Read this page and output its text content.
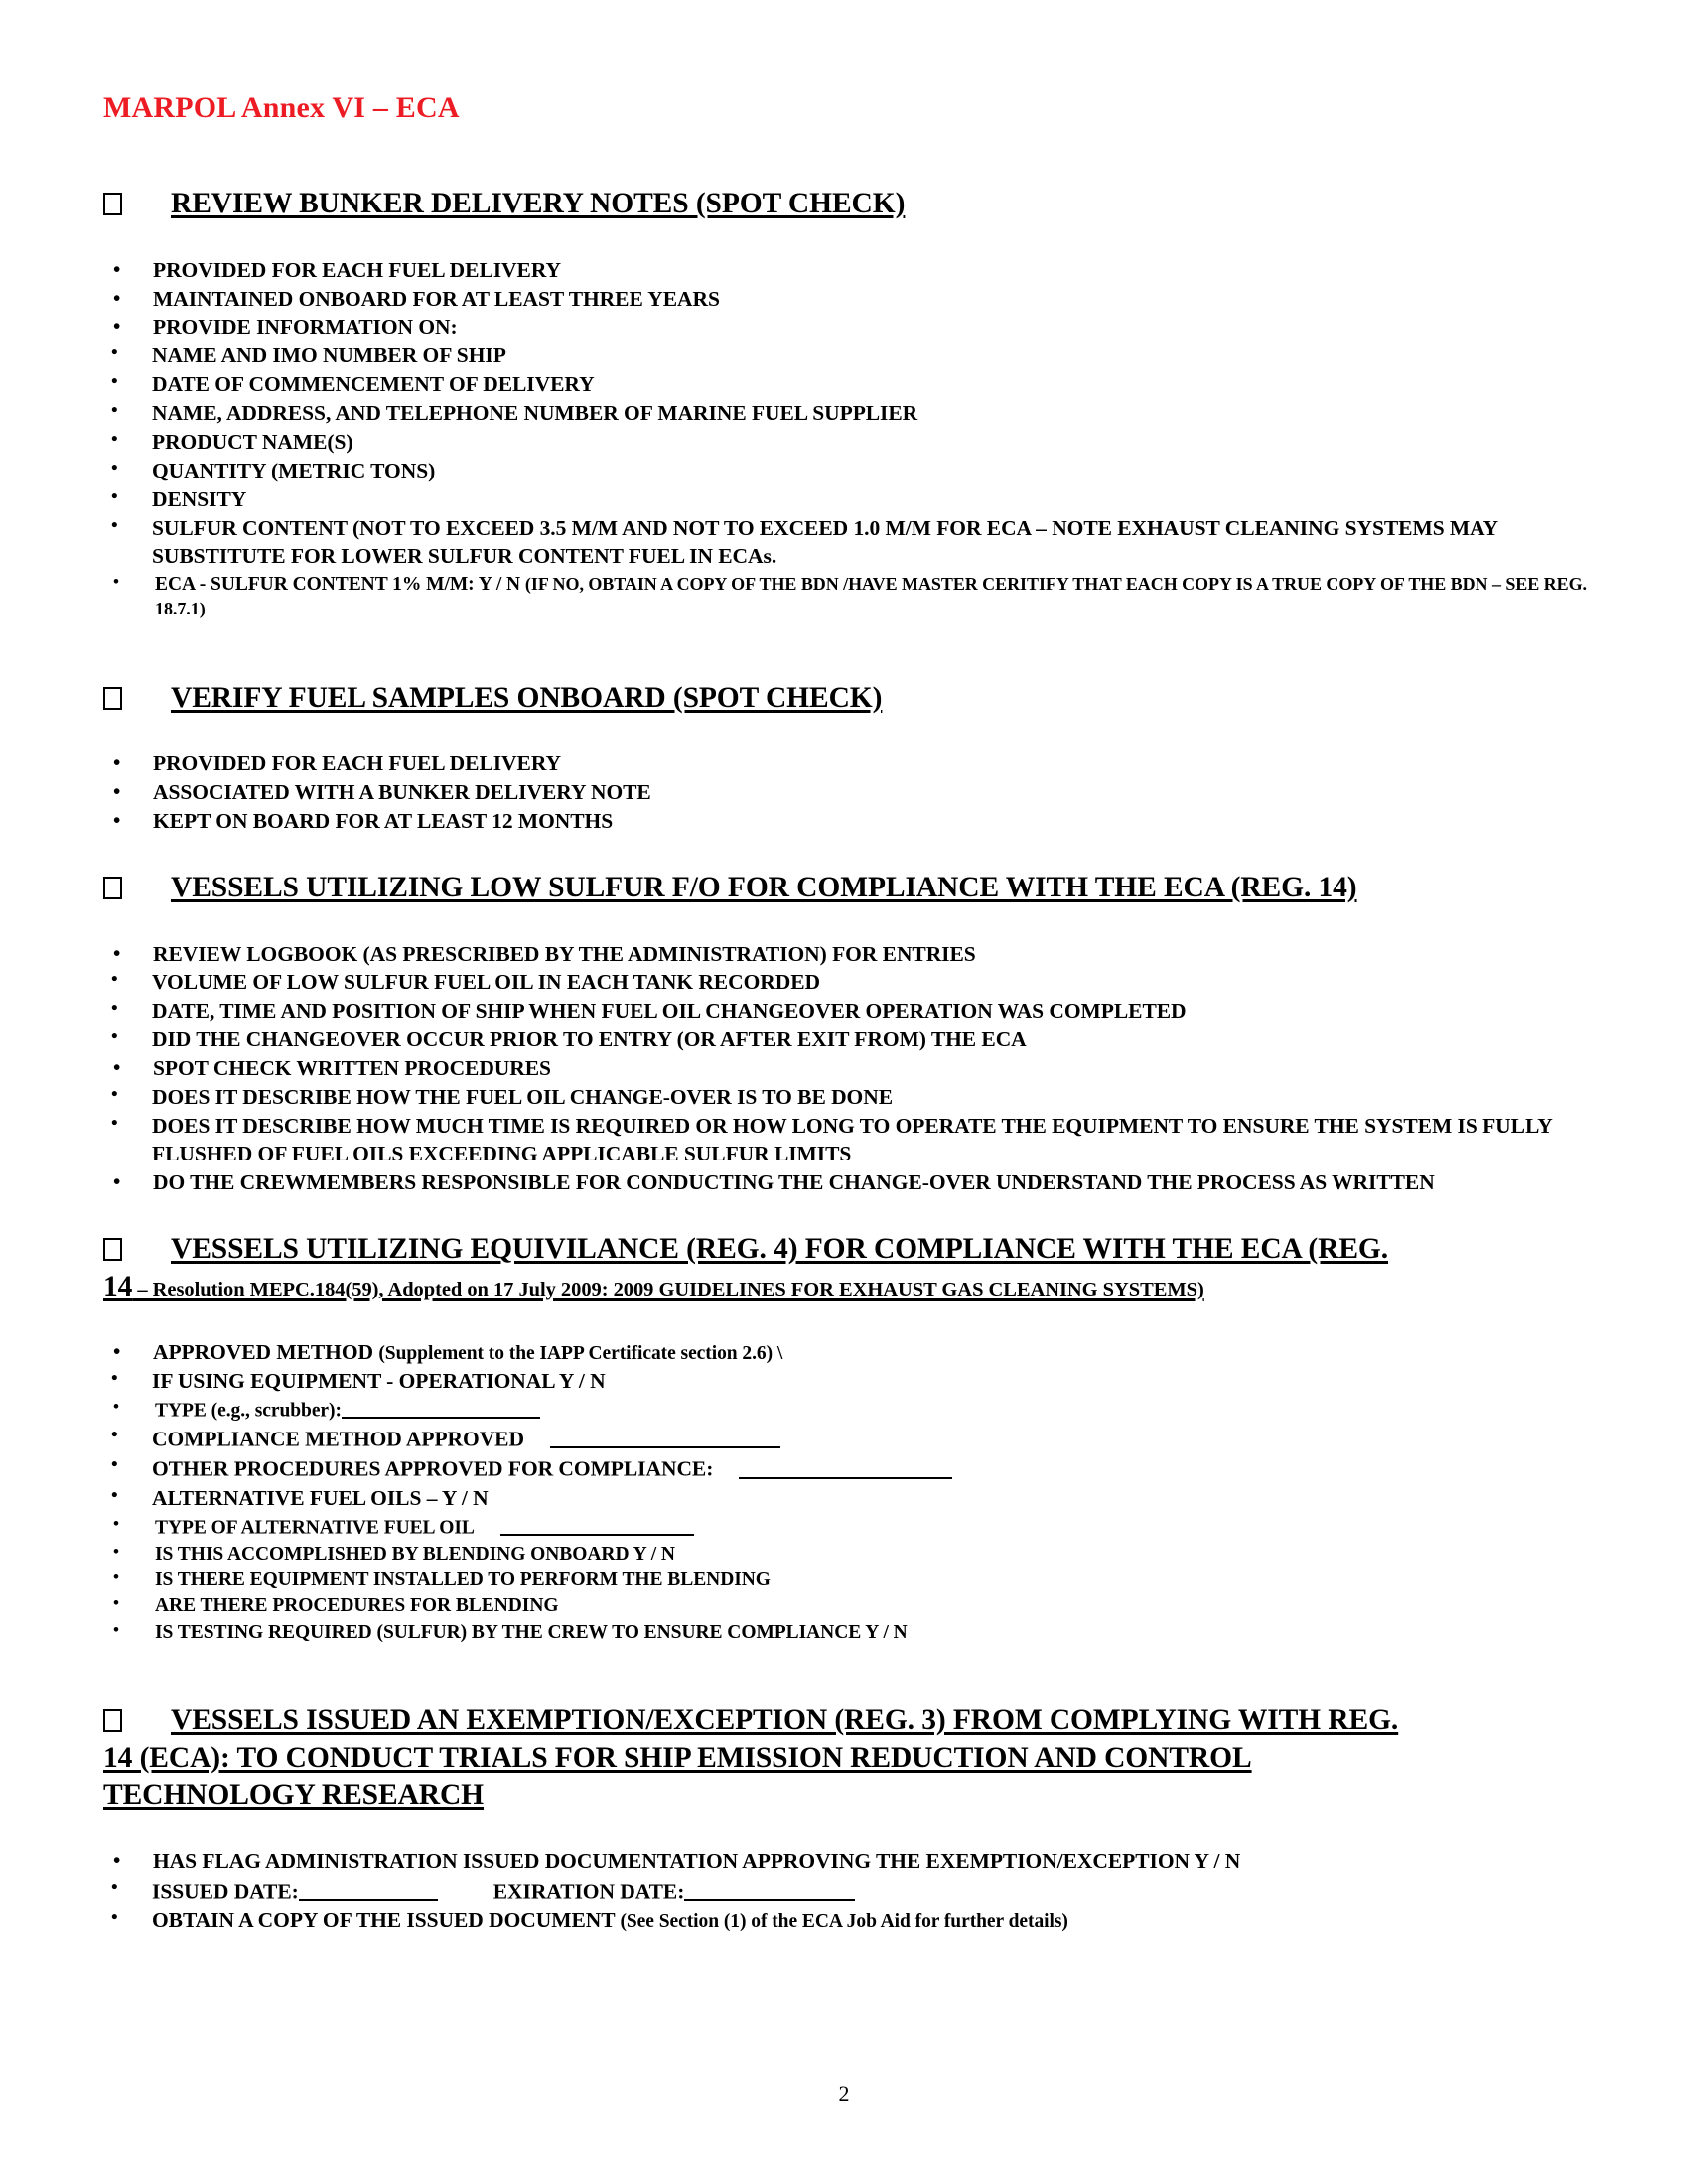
MARPOL Annex VI – ECA
REVIEW BUNKER DELIVERY NOTES (SPOT CHECK)
• PROVIDED FOR EACH FUEL DELIVERY
• MAINTAINED ONBOARD FOR AT LEAST THREE YEARS
• PROVIDE INFORMATION ON:
• NAME AND IMO NUMBER OF SHIP
• DATE OF COMMENCEMENT OF DELIVERY
• NAME, ADDRESS, AND TELEPHONE NUMBER OF MARINE FUEL SUPPLIER
• PRODUCT NAME(S)
• QUANTITY (METRIC TONS)
• DENSITY
• SULFUR CONTENT (NOT TO EXCEED 3.5 M/M AND NOT TO EXCEED 1.0 M/M FOR ECA – NOTE EXHAUST CLEANING SYSTEMS MAY SUBSTITUTE FOR LOWER SULFUR CONTENT FUEL IN ECAs.
• ECA - SULFUR CONTENT 1% M/M: Y / N (IF NO, OBTAIN A COPY OF THE BDN /HAVE MASTER CERITIFY THAT EACH COPY IS A TRUE COPY OF THE BDN – SEE REG. 18.7.1)
VERIFY FUEL SAMPLES ONBOARD (SPOT CHECK)
• PROVIDED FOR EACH FUEL DELIVERY
• ASSOCIATED WITH A BUNKER DELIVERY NOTE
• KEPT ON BOARD FOR AT LEAST 12 MONTHS
VESSELS UTILIZING LOW SULFUR F/O FOR COMPLIANCE WITH THE ECA (REG. 14)
• REVIEW LOGBOOK (AS PRESCRIBED BY THE ADMINISTRATION) FOR ENTRIES
• VOLUME OF LOW SULFUR FUEL OIL IN EACH TANK RECORDED
• DATE, TIME AND POSITION OF SHIP WHEN FUEL OIL CHANGEOVER OPERATION WAS COMPLETED
• DID THE CHANGEOVER OCCUR PRIOR TO ENTRY (OR AFTER EXIT FROM) THE ECA
• SPOT CHECK WRITTEN PROCEDURES
• DOES IT DESCRIBE HOW THE FUEL OIL CHANGE-OVER IS TO BE DONE
• DOES IT DESCRIBE HOW MUCH TIME IS REQUIRED OR HOW LONG TO OPERATE THE EQUIPMENT TO ENSURE THE SYSTEM IS FULLY FLUSHED OF FUEL OILS EXCEEDING APPLICABLE SULFUR LIMITS
• DO THE CREWMEMBERS RESPONSIBLE FOR CONDUCTING THE CHANGE-OVER UNDERSTAND THE PROCESS AS WRITTEN
VESSELS UTILIZING EQUIVILANCE (REG. 4) FOR COMPLIANCE WITH THE ECA (REG.
14 – Resolution MEPC.184(59), Adopted on 17 July 2009: 2009 GUIDELINES FOR EXHAUST GAS CLEANING SYSTEMS)
• APPROVED METHOD (Supplement to the IAPP Certificate section 2.6) \
• IF USING EQUIPMENT - OPERATIONAL Y / N
• TYPE (e.g., scrubber):
• COMPLIANCE METHOD APPROVED
• OTHER PROCEDURES APPROVED FOR COMPLIANCE:
• ALTERNATIVE FUEL OILS – Y / N
• TYPE OF ALTERNATIVE FUEL OIL
• IS THIS ACCOMPLISHED BY BLENDING ONBOARD Y / N
• IS THERE EQUIPMENT INSTALLED TO PERFORM THE BLENDING
• ARE THERE PROCEDURES FOR BLENDING
• IS TESTING REQUIRED (SULFUR) BY THE CREW TO ENSURE COMPLIANCE Y / N
VESSELS ISSUED AN EXEMPTION/EXCEPTION (REG. 3) FROM COMPLYING WITH REG.
14 (ECA): TO CONDUCT TRIALS FOR SHIP EMISSION REDUCTION AND CONTROL
TECHNOLOGY RESEARCH
• HAS FLAG ADMINISTRATION ISSUED DOCUMENTATION APPROVING THE EXEMPTION/EXCEPTION Y / N
• ISSUED DATE:	EXIRATION DATE:
• OBTAIN A COPY OF THE ISSUED DOCUMENT (See Section (1) of the ECA Job Aid for further details)
2
